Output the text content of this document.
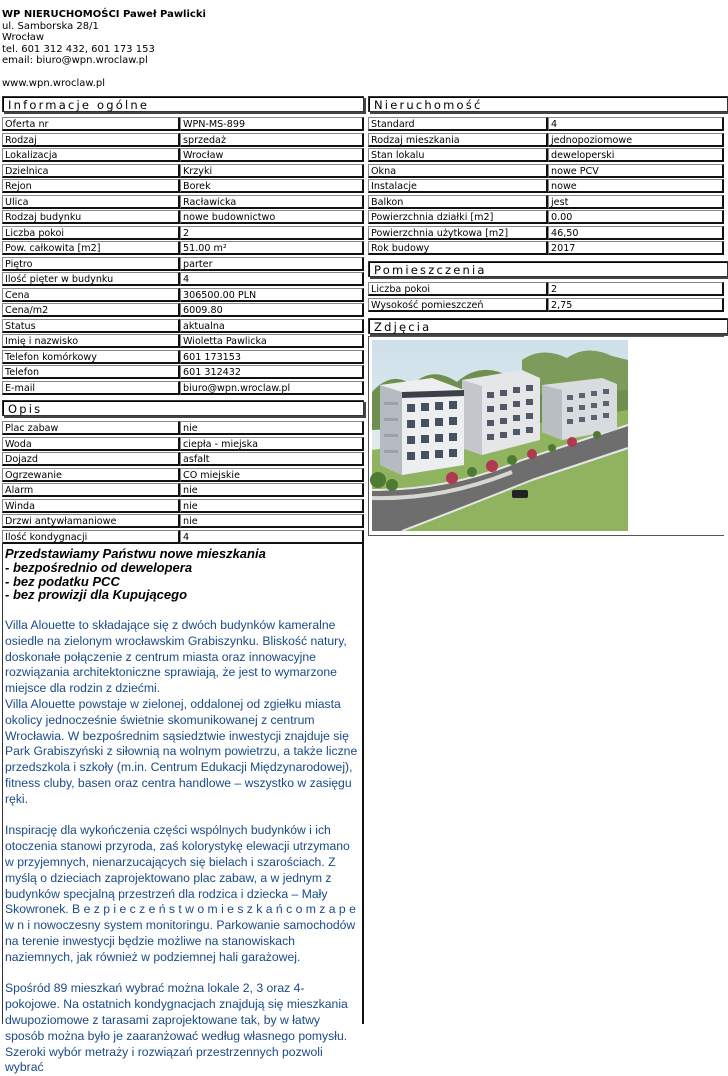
WP NIERUCHOMOŚCI Paweł Pawlicki
ul. Samborska 28/1
Wrocław
tel. 601 312 432, 601 173 153
email: biuro@wpn.wroclaw.pl
www.wpn.wroclaw.pl
Informacje ogólne
Opis
Nieruchomość
Pomieszczenia
Zdjęcia
Oferta nr	WPN-MS-899
Rodzaj	sprzedaż
Lokalizacja	Wrocław
Dzielnica	Krzyki
Rejon	Borek
Ulica	Racławicka
Rodzaj budynku	nowe budownictwo
Liczba pokoi	2
Pow. całkowita [m2]	51.00 m²
Piętro	parter
Ilość pięter w budynku	4
Cena	306500.00 PLN
Cena/m2	6009.80
Status	aktualna
Imię i nazwisko	Wioletta Pawlicka
Telefon komórkowy	601 173153
Telefon	601 312432
E-mail	biuro@wpn.wroclaw.pl
Plac zabaw	nie
Woda	ciepła - miejska
Dojazd	asfalt
Ogrzewanie	CO miejskie
Alarm	nie
Winda	nie
Drzwi antywłamaniowe	nie
Ilość kondygnacji	4
Standard	4
Rodzaj mieszkania	jednopoziomowe
Stan lokalu	deweloperski
Okna	nowe PCV
Instalacje	nowe
Balkon	jest
Powierzchnia działki [m2]	0.00
Powierzchnia użytkowa [m2]	46,50
Rok budowy	2017
Liczba pokoi	2
Wysokość pomieszczeń	2,75
Przedstawiamy Państwu nowe mieszkania
- bezpośrednio od dewelopera
- bez podatku PCC
- bez prowizji dla Kupującego

Villa Alouette to składające się z dwóch budynków kameralne osiedle na zielonym wrocławskim Grabiszynku. Bliskość natury, doskonałe połączenie z centrum miasta oraz innowacyjne rozwiązania architektoniczne sprawiają, że jest to wymarzone miejsce dla rodzin z dziećmi.

Villa Alouette powstaje w zielonej, oddalonej od zgiełku miasta okolicy jednocześnie świetnie skomunikowanej z centrum Wrocławia. W bezpośrednim sąsiedztwie inwestycji znajduje się Park Grabiszyński z siłownią na wolnym powietrzu, a także liczne przedszkola i szkoły (m.in. Centrum Edukacji Międzynarodowej), fitness cluby, basen oraz centra handlowe – wszystko w zasięgu ręki.

Inspirację dla wykończenia części wspólnych budynków i ich otoczenia stanowi przyroda, zaś kolorystykę elewacji utrzymano w przyjemnych, nienarzucających się bielach i szarościach. Z myślą o dzieciach zaprojektowano plac zabaw, a w jednym z budynków specjalną przestrzeń dla rodzica i dziecka – Mały Skowronek. B e z p i e c z e ń s t w o m i e s z k a ń c o m z a p e w n i nowoczesny system monitoringu. Parkowanie samochodów na terenie inwestycji będzie możliwe na stanowiskach naziemnych, jak również w podziemnej hali garażowej.

Spośród 89 mieszkań wybrać można lokale 2, 3 oraz 4-pokojowe. Na ostatnich kondygnacjach znajdują się mieszkania dwupoziomowe z tarasami zaprojektowane tak, by w łatwy sposób można było je zaaranżować według własnego pomysłu. Szeroki wybór metraży i rozwiązań przestrzennych pozwoli wybrać
